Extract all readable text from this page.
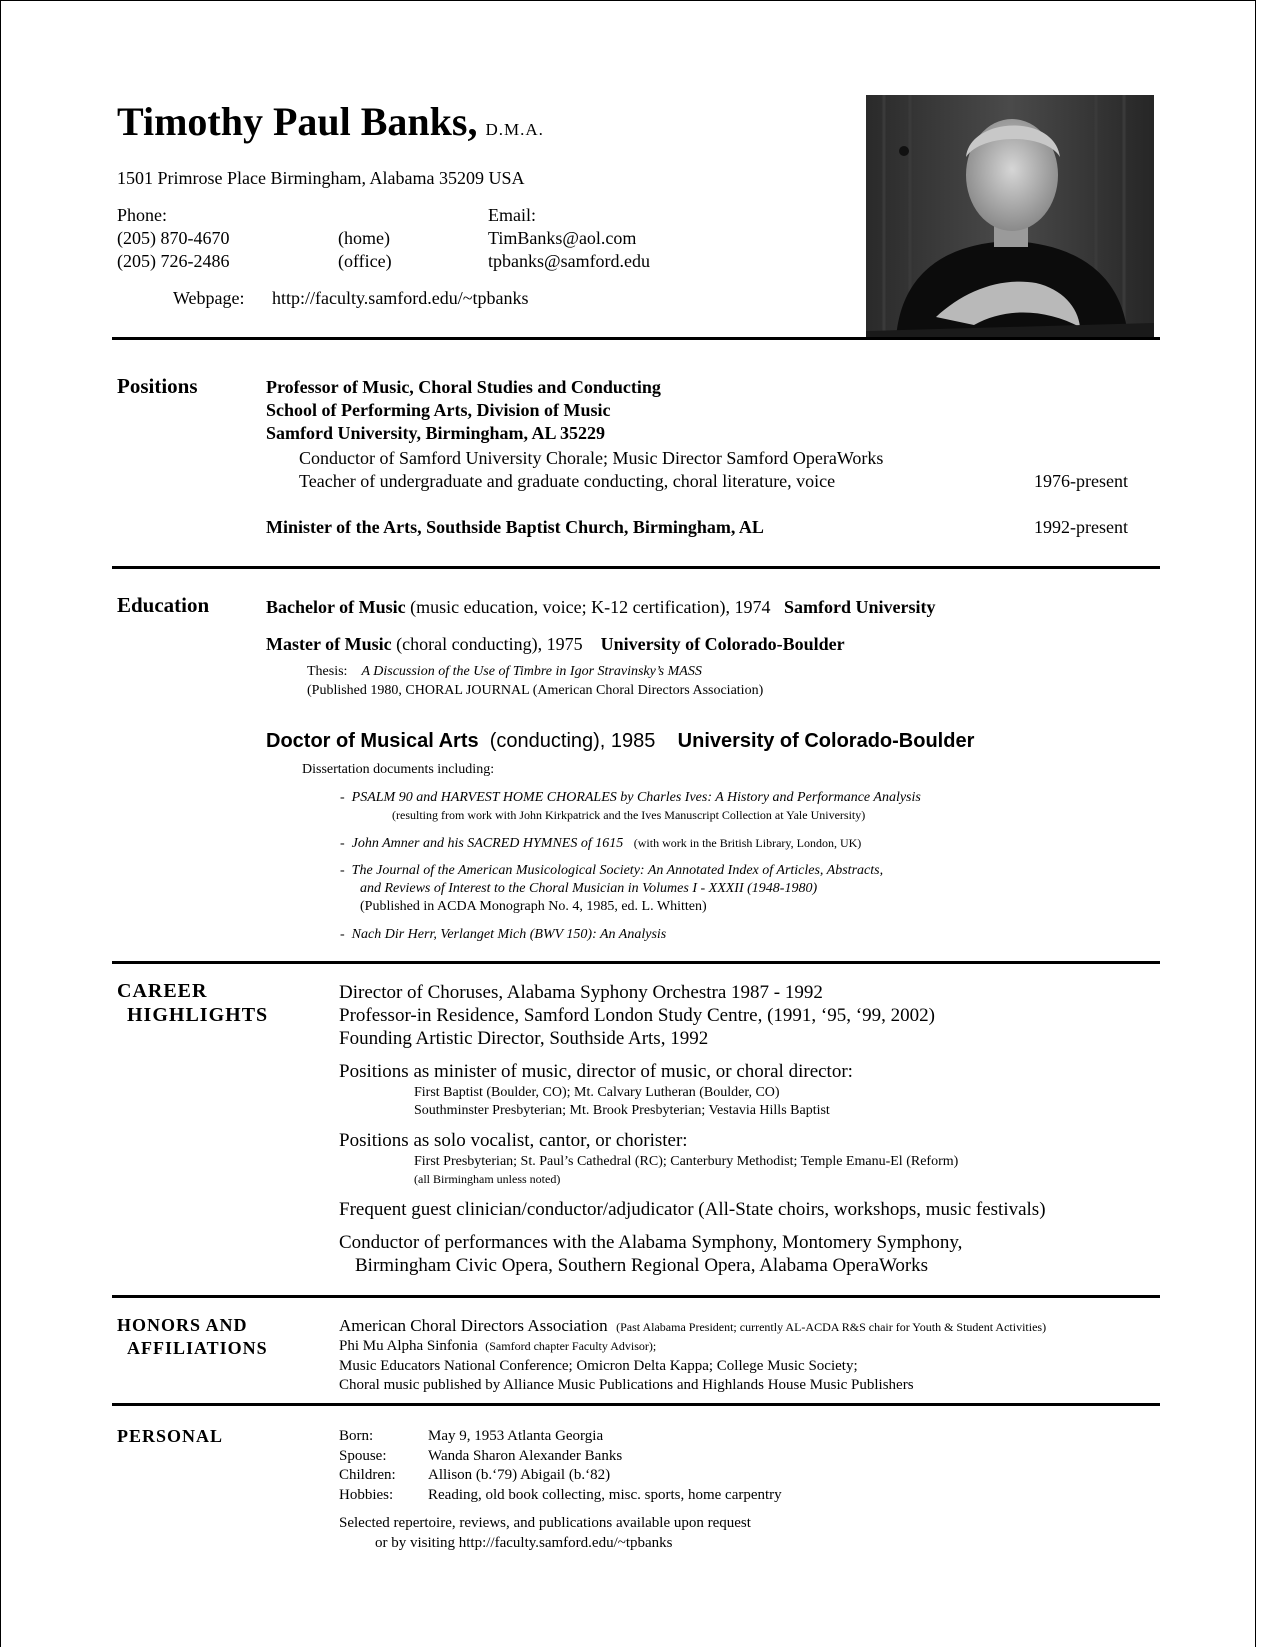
Timothy Paul Banks, D.M.A.
1501 Primrose Place Birmingham, Alabama 35209 USA
Phone:
(205) 870-4670	(home)
(205) 726-2486	(office)
Email:
TimBanks@aol.com
tpbanks@samford.edu
Webpage: http://faculty.samford.edu/~tpbanks
Positions	Professor of Music, Choral Studies and Conducting
School of Performing Arts, Division of Music
Samford University, Birmingham, AL 35229
Conductor of Samford University Chorale; Music Director Samford OperaWorks
Teacher of undergraduate and graduate conducting, choral literature, voice	1976-present
Minister of the Arts, Southside Baptist Church, Birmingham, AL	1992-present
Education	Bachelor of Music (music education, voice; K-12 certification), 1974 Samford University
Master of Music (choral conducting), 1975 University of Colorado-Boulder
Thesis: A Discussion of the Use of Timbre in Igor Stravinsky’s MASS
(Published 1980, CHORAL JOURNAL (American Choral Directors Association)
Doctor of Musical Arts (conducting), 1985 University of Colorado-Boulder
Dissertation documents including:
- PSALM 90 and HARVEST HOME CHORALES by Charles Ives: A History and Performance Analysis
(resulting from work with John Kirkpatrick and the Ives Manuscript Collection at Yale University)
- John Amner and his SACRED HYMNES of 1615 (with work in the British Library, London, UK)
- The Journal of the American Musicological Society: An Annotated Index of Articles, Abstracts,
and Reviews of Interest to the Choral Musician in Volumes I - XXXII (1948-1980)
(Published in ACDA Monograph No. 4, 1985, ed. L. Whitten)
- Nach Dir Herr, Verlanget Mich (BWV 150): An Analysis
CAREER
HIGHLIGHTS
Director of Choruses, Alabama Syphony Orchestra 1987 - 1992
Professor-in Residence, Samford London Study Centre, (1991, ‘95, ‘99, 2002)
Founding Artistic Director, Southside Arts, 1992
Positions as minister of music, director of music, or choral director:
First Baptist (Boulder, CO); Mt. Calvary Lutheran (Boulder, CO)
Southminster Presbyterian; Mt. Brook Presbyterian; Vestavia Hills Baptist
Positions as solo vocalist, cantor, or chorister:
First Presbyterian; St. Paul’s Cathedral (RC); Canterbury Methodist; Temple Emanu-El (Reform)
(all Birmingham unless noted)
Frequent guest clinician/conductor/adjudicator (All-State choirs, workshops, music festivals)
Conductor of performances with the Alabama Symphony, Montomery Symphony,
Birmingham Civic Opera, Southern Regional Opera, Alabama OperaWorks
HONORS AND
AFFILIATIONS
American Choral Directors Association (Past Alabama President; currently AL-ACDA R&S chair for Youth & Student Activities)
Phi Mu Alpha Sinfonia (Samford chapter Faculty Advisor);
Music Educators National Conference; Omicron Delta Kappa; College Music Society;
Choral music published by Alliance Music Publications and Highlands House Music Publishers
PERSONAL	Born:	May 9, 1953 Atlanta Georgia
Spouse:	Wanda Sharon Alexander Banks
Children: Allison (b.‘79) Abigail (b.‘82)
Hobbies: Reading, old book collecting, misc. sports, home carpentry
Selected repertoire, reviews, and publications available upon request
or by visiting http://faculty.samford.edu/~tpbanks
